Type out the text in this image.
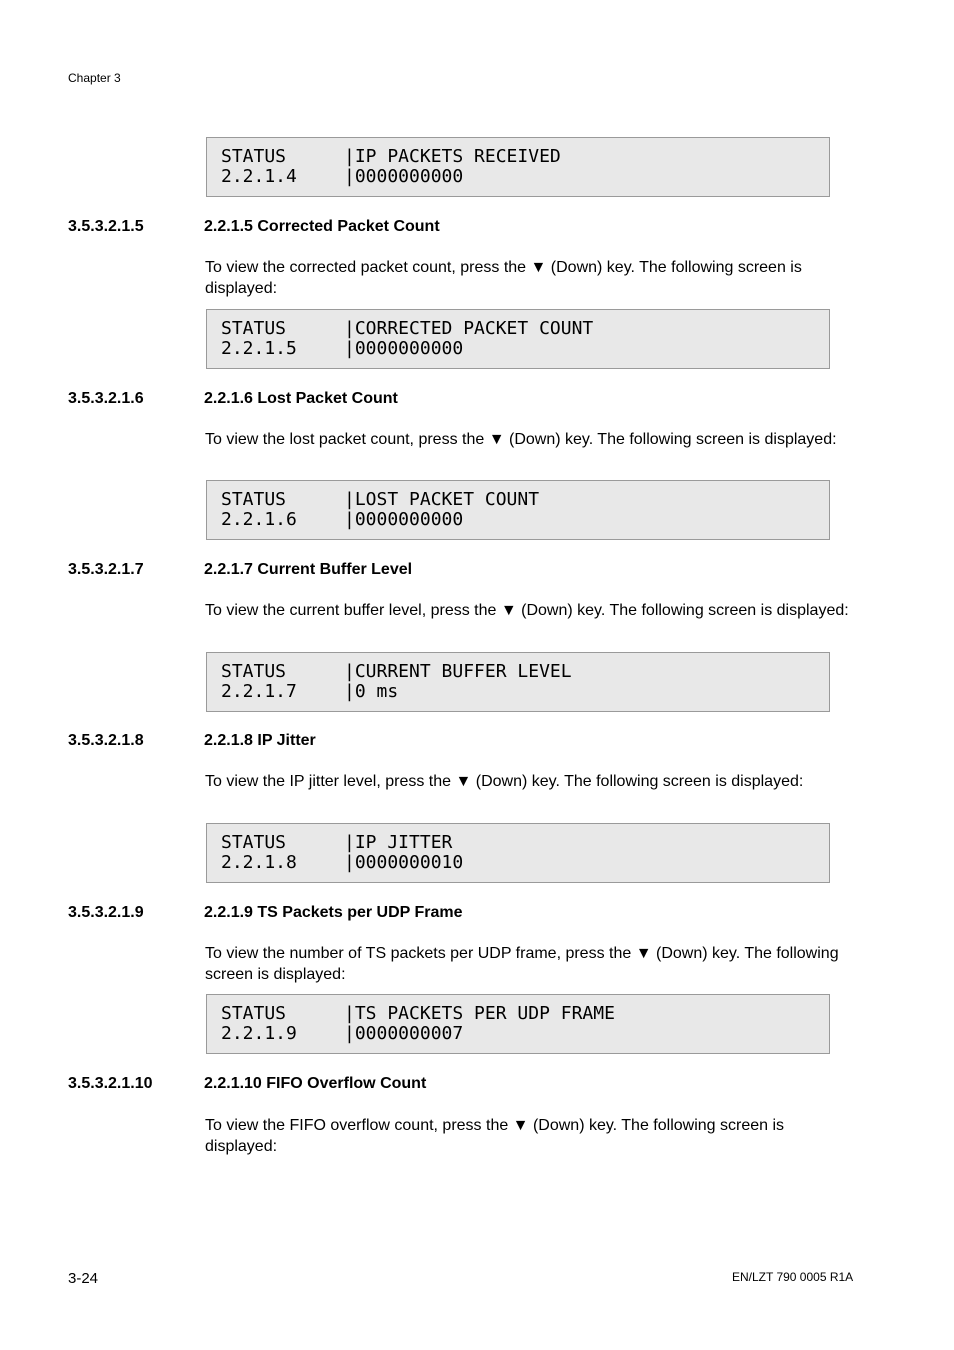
Chapter 3
STATUS	|IP PACKETS RECEIVED
2.2.1.4	|0000000000
3.5.3.2.1.5	2.2.1.5 Corrected Packet Count
To view the corrected packet count, press the ▼ (Down) key. The following screen is displayed:
STATUS	|CORRECTED PACKET COUNT
2.2.1.5	|0000000000
3.5.3.2.1.6	2.2.1.6 Lost Packet Count
To view the lost packet count, press the ▼ (Down) key. The following screen is displayed:
STATUS	|LOST PACKET COUNT
2.2.1.6	|0000000000
3.5.3.2.1.7	2.2.1.7 Current Buffer Level
To view the current buffer level, press the ▼ (Down) key. The following screen is displayed:
STATUS	|CURRENT BUFFER LEVEL
2.2.1.7	|0 ms
3.5.3.2.1.8	2.2.1.8 IP Jitter
To view the IP jitter level, press the ▼ (Down) key. The following screen is displayed:
STATUS	|IP JITTER
2.2.1.8	|0000000010
3.5.3.2.1.9	2.2.1.9 TS Packets per UDP Frame
To view the number of TS packets per UDP frame, press the ▼ (Down) key. The following screen is displayed:
STATUS	|TS PACKETS PER UDP FRAME
2.2.1.9	|0000000007
3.5.3.2.1.10	2.2.1.10 FIFO Overflow Count
To view the FIFO overflow count, press the ▼ (Down) key. The following screen is displayed:
3-24	EN/LZT 790 0005 R1A
